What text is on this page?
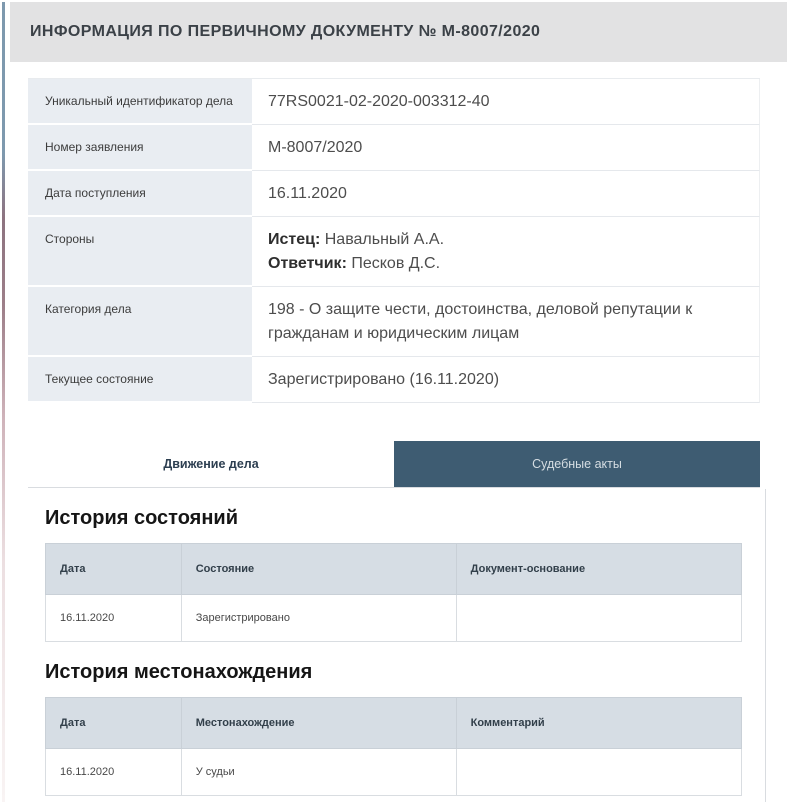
ИНФОРМАЦИЯ ПО ПЕРВИЧНОМУ ДОКУМЕНТУ № М-8007/2020
Уникальный идентификатор дела	77RS0021-02-2020-003312-40
Номер заявления	М-8007/2020
Дата поступления	16.11.2020
Стороны	Истец: Навальный А.А.
Ответчик: Песков Д.С.
Категория дела	198 - О защите чести, достоинства, деловой репутации к гражданам и юридическим лицам
Текущее состояние	Зарегистрировано (16.11.2020)
Движение дела	Судебные акты
История состояний
Дата	Состояние	Документ-основание
16.11.2020	Зарегистрировано	
История местонахождения
Дата	Местонахождение	Комментарий
16.11.2020	У судьи	
